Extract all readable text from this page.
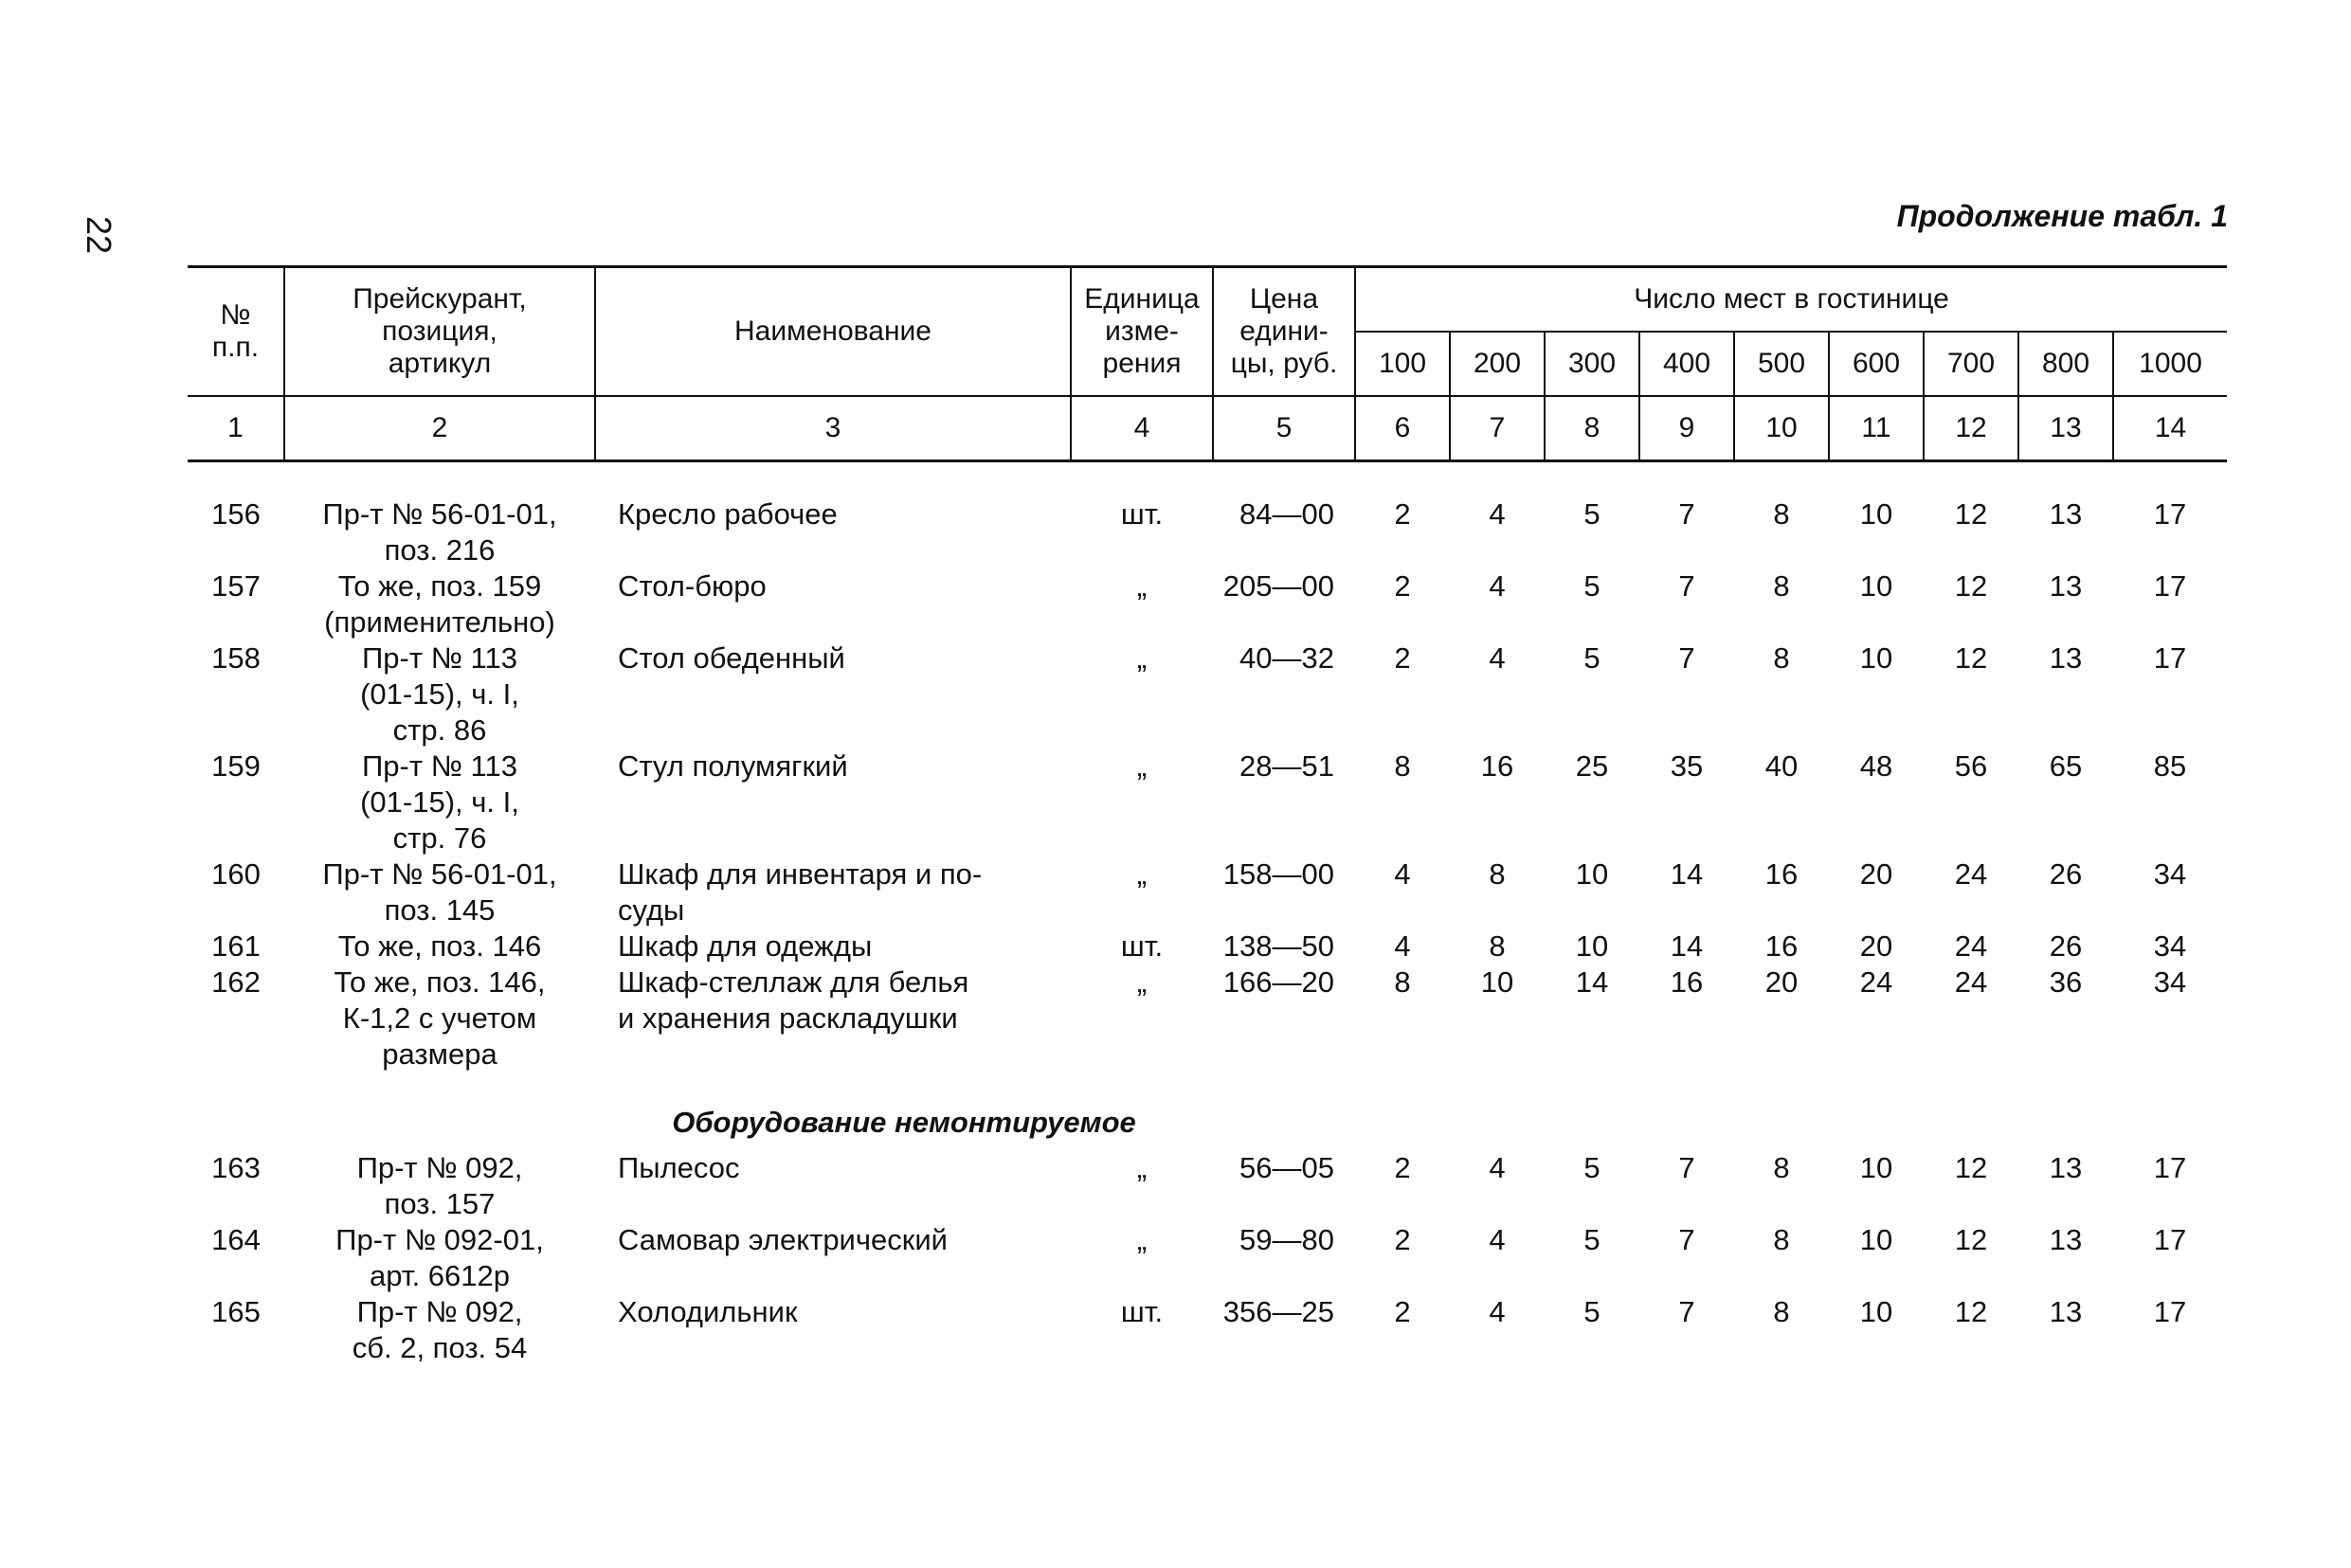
22	Продолжение табл. 1
№
п.п.	Прейскурант,
позиция,
артикул	Наименование	Единица
изме-
рения	Цена
едини-
цы, руб.	Число мест в гостинице								
					100	200	300	400	500	600	700	800	1000
1	2	3	4	5	6	7	8	9	10	11	12	13	14

156	Пр-т № 56-01-01,
поз. 216	Кресло рабочее	шт.	84—00	2	4	5	7	8	10	12	13	17
157	То же, поз. 159
(применительно)	Стол-бюро	„	205—00	2	4	5	7	8	10	12	13	17
158	Пр-т № 113
(01-15), ч. I,
стр. 86	Стол обеденный	„	40—32	2	4	5	7	8	10	12	13	17
159	Пр-т № 113
(01-15), ч. I,
стр. 76	Стул полумягкий	„	28—51	8	16	25	35	40	48	56	65	85
160	Пр-т № 56-01-01,
поз. 145	Шкаф для инвентаря и по-
суды	„	158—00	4	8	10	14	16	20	24	26	34
161	То же, поз. 146	Шкаф для одежды	шт.	138—50	4	8	10	14	16	20	24	26	34
162	То же, поз. 146,
К-1,2 с учетом
размера	Шкаф-стеллаж для белья
и хранения раскладушки	„	166—20	8	10	14	16	20	24	24	36	34
		Оборудование немонтируемое											
163	Пр-т № 092,
поз. 157	Пылесос	„	56—05	2	4	5	7	8	10	12	13	17
164	Пр-т № 092-01,
арт. 6612р	Самовар электрический	„	59—80	2	4	5	7	8	10	12	13	17
165	Пр-т № 092,
сб. 2, поз. 54	Холодильник	шт.	356—25	2	4	5	7	8	10	12	13	17
